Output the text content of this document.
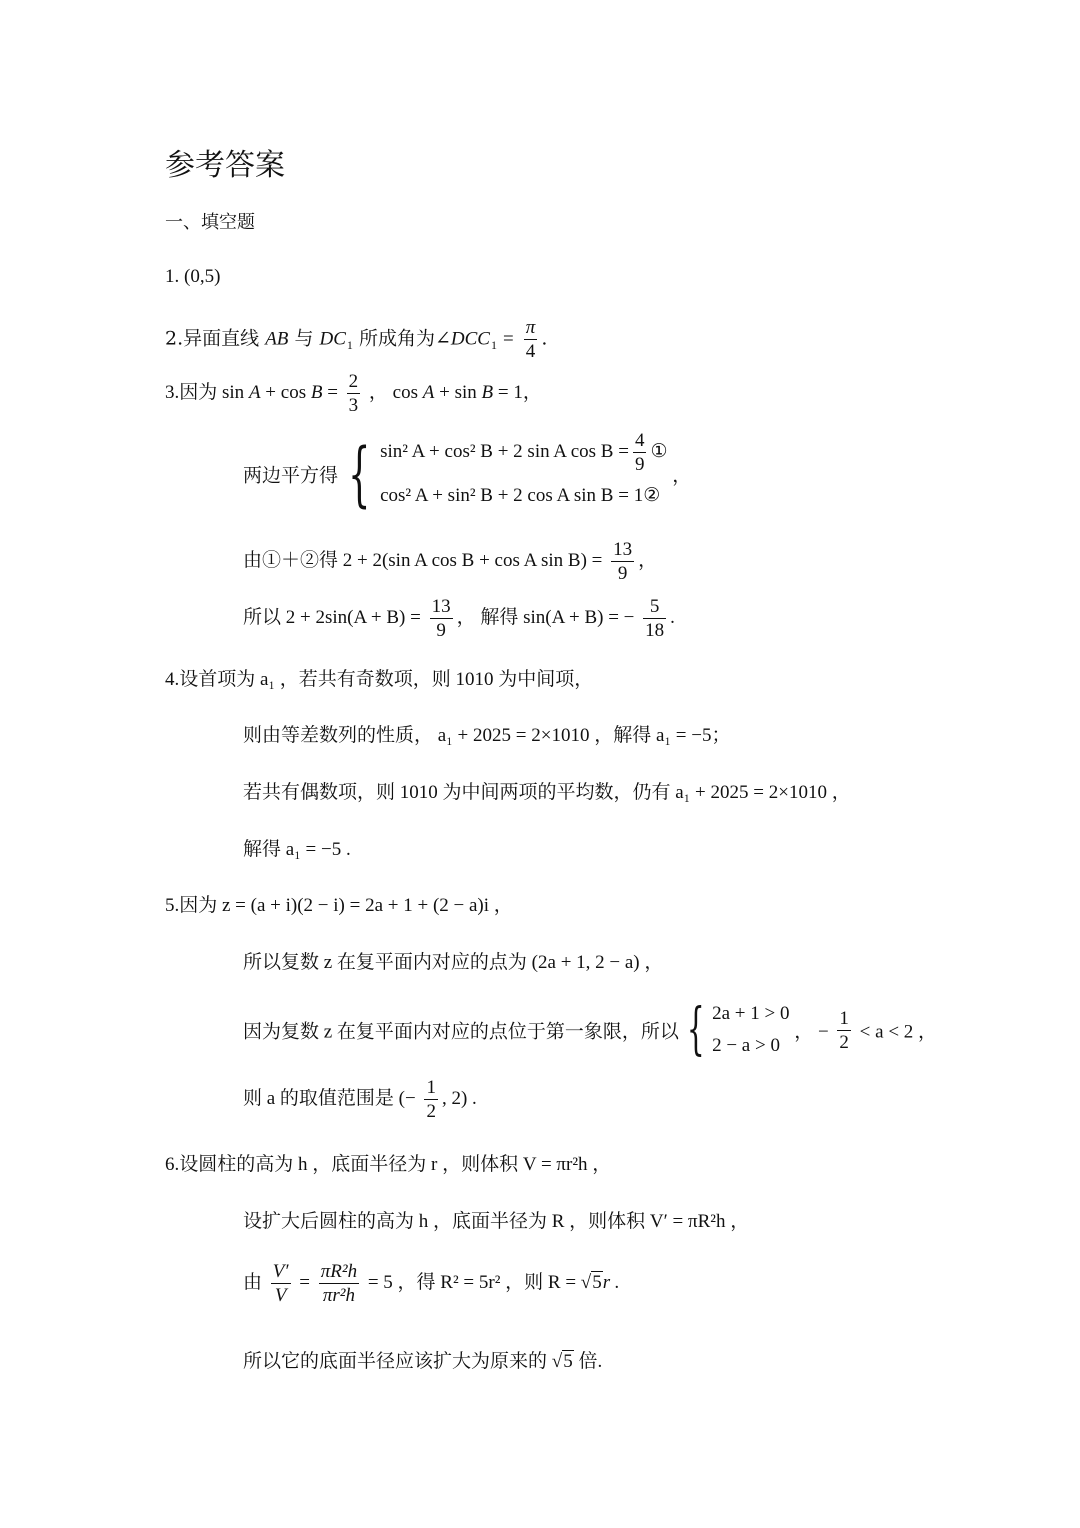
参考答案
一、填空题
1. (0,5)
2.异面直线 AB 与 $DC_1$ 所成角为$\angle DCC_1 = \frac{\pi}{4}$ .
3.因为 $\sin A + \cos B = \frac{2}{3}$ ， cos A + sin B = 1，
两边平方得 { sin² A + cos² B + 2 sin A $\cos B = \frac{4}{9}$ ①
cos² A + sin² B + 2 cos A sin B = 1②
，
由①＋②得 2 + 2(sin A cos B + cos A $\sin B) = \frac{13}{9}$ ，
所以 $2 + 2\sin(A + B) = \frac{13}{9}$ ， 解得 sin(A + B) = − $\frac{5}{18}$ .
4.设首项为 a₁ ，若共有奇数项，则 1010 为中间项，
则由等差数列的性质， a₁ + 2025 = 2×1010 ，解得 a₁ = −5；
若共有偶数项，则 1010 为中间两项的平均数，仍有 a₁ + 2025 = 2×1010 ，
解得 a₁ = −5 .
5.因为 z = (a + i)(2 − i) = 2a + 1 + (2 − a)i ，
所以复数 z 在复平面内对应的点为 (2a + 1, 2 − a) ，
因为复数 z 在复平面内对应的点位于第一象限，所以 { 2a + 1 > 0
2 − a > 0
， − $\frac{1}{2} < a < 2$ ，
则 a 的取值范围是 (− $\frac{1}{2}$ , 2) .
6.设圆柱的高为 h ，底面半径为 r ，则体积 V = πr²h ，
设扩大后圆柱的高为 h ，底面半径为 R ，则体积 V′ = πR²h ，
由 $\frac{V'}{V} = \frac{\text{πR²h}}{\text{πr²h}} = 5$ ，得 R² = 5r² ，则 R = √5r .
所以它的底面半径应该扩大为原来的 √5 倍.
